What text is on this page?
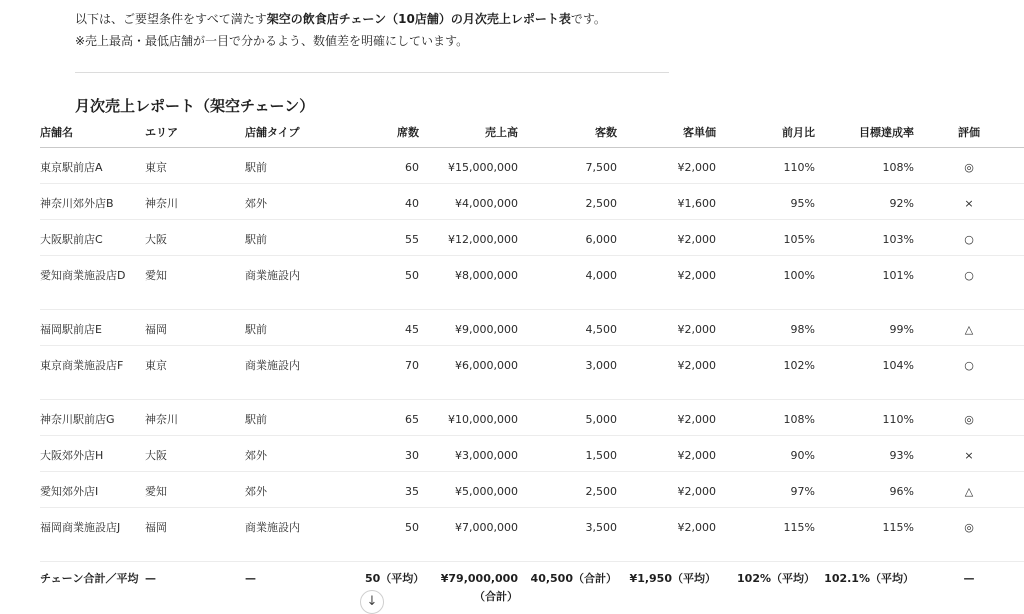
以下は、ご要望条件をすべて満たす架空の飲食店チェーン（10店舗）の月次売上レポート表です。

※売上最高・最低店舗が一目で分かるよう、数値差を明確にしています。

月次売上レポート（架空チェーン）
店舗名	エリア	店舗タイプ	席数	売上高	客数	客単価	前月比	目標達成率	評価
東京駅前店A	東京	駅前	60	¥15,000,000	7,500	¥2,000	110%	108%	◎
神奈川郊外店B	神奈川	郊外	40	¥4,000,000	2,500	¥1,600	95%	92%	×
大阪駅前店C	大阪	駅前	55	¥12,000,000	6,000	¥2,000	105%	103%	○
愛知商業施設店D	愛知	商業施設内	50	¥8,000,000	4,000	¥2,000	100%	101%	○
福岡駅前店E	福岡	駅前	45	¥9,000,000	4,500	¥2,000	98%	99%	△
東京商業施設店F	東京	商業施設内	70	¥6,000,000	3,000	¥2,000	102%	104%	○
神奈川駅前店G	神奈川	駅前	65	¥10,000,000	5,000	¥2,000	108%	110%	◎
大阪郊外店H	大阪	郊外	30	¥3,000,000	1,500	¥2,000	90%	93%	×
愛知郊外店I	愛知	郊外	35	¥5,000,000	2,500	¥2,000	97%	96%	△
福岡商業施設店J	福岡	商業施設内	50	¥7,000,000	3,500	¥2,000	115%	115%	◎
チェーン合計／平均	—	—	50（平均）	¥79,000,000（合計）	40,500（合計）	¥1,950（平均）	102%（平均）	102.1%（平均）	—
↓
